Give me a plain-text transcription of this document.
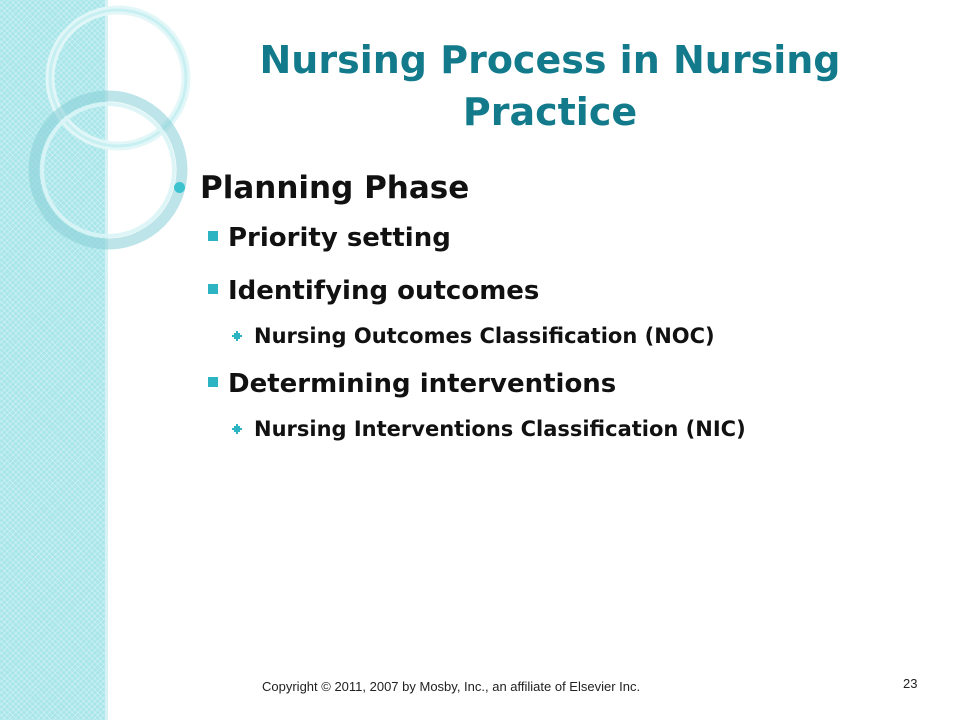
Nursing Process in Nursing Practice
Planning Phase
Priority setting
Identifying outcomes
Nursing Outcomes Classification (NOC)
Determining interventions
Nursing Interventions Classification (NIC)
Copyright © 2011, 2007 by Mosby, Inc., an affiliate of Elsevier Inc.	23
